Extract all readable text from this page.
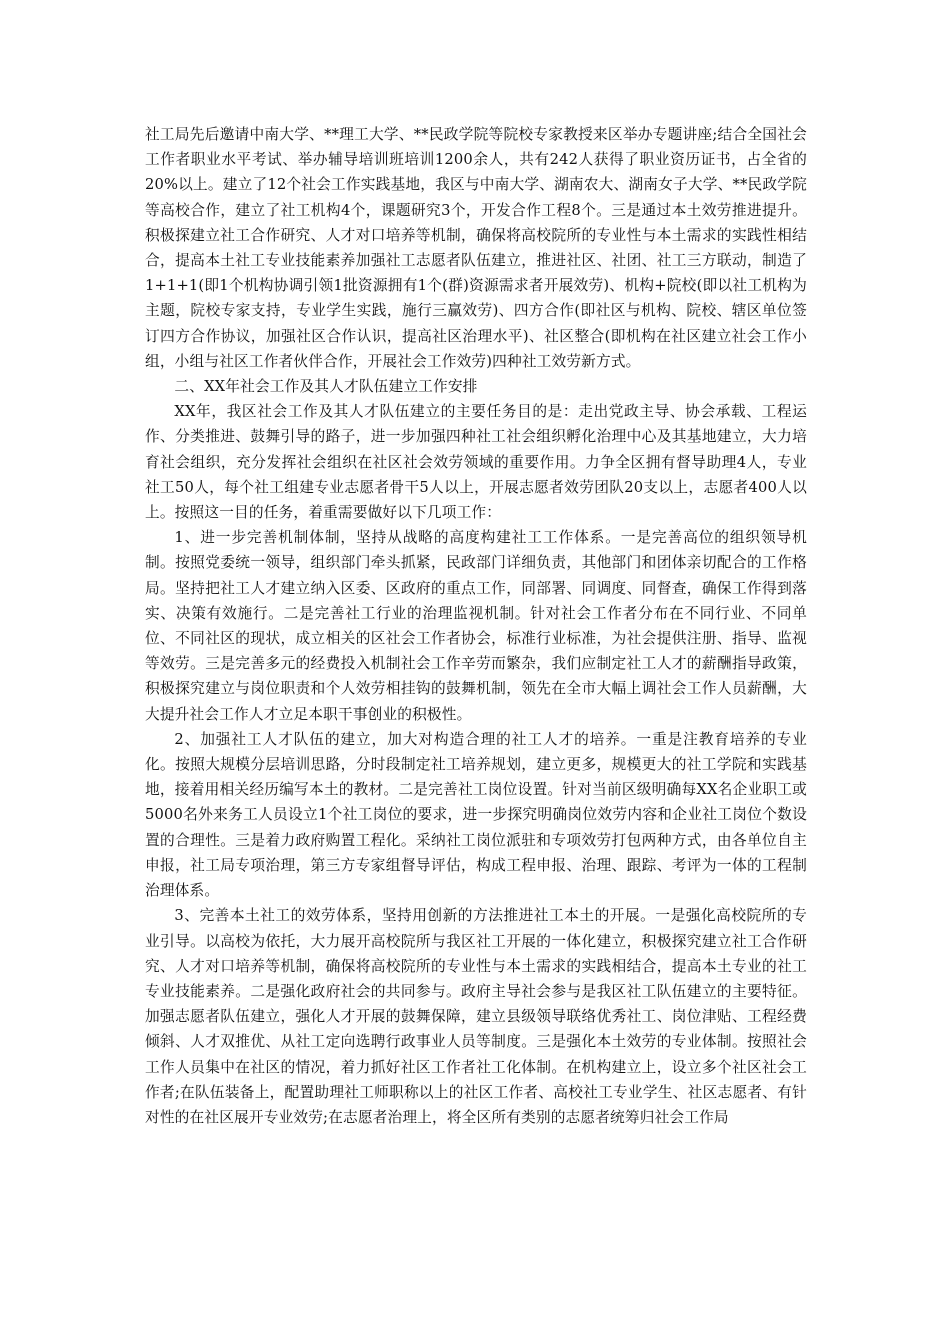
社工局先后邀请中南大学、**理工大学、**民政学院等院校专家教授来区举办专题讲座;结合全国社会工作者职业水平考试、举办辅导培训班培训1200余人，共有242人获得了职业资历证书，占全省的20%以上。建立了12个社会工作实践基地，我区与中南大学、湖南农大、湖南女子大学、**民政学院等高校合作，建立了社工机构4个，课题研究3个，开发合作工程8个。三是通过本土效劳推进提升。积极探建立社工合作研究、人才对口培养等机制，确保将高校院所的专业性与本土需求的实践性相结合，提高本土社工专业技能素养加强社工志愿者队伍建立，推进社区、社团、社工三方联动，制造了1+1+1(即1个机构协调引领1批资源拥有1个(群)资源需求者开展效劳)、机构+院校(即以社工机构为主题，院校专家支持，专业学生实践，施行三赢效劳)、四方合作(即社区与机构、院校、辖区单位签订四方合作协议，加强社区合作认识，提高社区治理水平)、社区整合(即机构在社区建立社会工作小组，小组与社区工作者伙伴合作，开展社会工作效劳)四种社工效劳新方式。

二、XX年社会工作及其人才队伍建立工作安排

XX年，我区社会工作及其人才队伍建立的主要任务目的是：走出党政主导、协会承载、工程运作、分类推进、鼓舞引导的路子，进一步加强四种社工社会组织孵化治理中心及其基地建立，大力培育社会组织，充分发挥社会组织在社区社会效劳领域的重要作用。力争全区拥有督导助理4人，专业社工50人，每个社工组建专业志愿者骨干5人以上，开展志愿者效劳团队20支以上，志愿者400人以上。按照这一目的任务，着重需要做好以下几项工作：

1、进一步完善机制体制，坚持从战略的高度构建社工工作体系。一是完善高位的组织领导机制。按照党委统一领导，组织部门牵头抓紧，民政部门详细负责，其他部门和团体亲切配合的工作格局。坚持把社工人才建立纳入区委、区政府的重点工作，同部署、同调度、同督查，确保工作得到落实、决策有效施行。二是完善社工行业的治理监视机制。针对社会工作者分布在不同行业、不同单位、不同社区的现状，成立相关的区社会工作者协会，标准行业标准，为社会提供注册、指导、监视等效劳。三是完善多元的经费投入机制社会工作辛劳而繁杂，我们应制定社工人才的薪酬指导政策，积极探究建立与岗位职责和个人效劳相挂钩的鼓舞机制，领先在全市大幅上调社会工作人员薪酬，大大提升社会工作人才立足本职干事创业的积极性。

2、加强社工人才队伍的建立，加大对构造合理的社工人才的培养。一重是注教育培养的专业化。按照大规模分层培训思路，分时段制定社工培养规划，建立更多，规模更大的社工学院和实践基地，接着用相关经历编写本土的教材。二是完善社工岗位设置。针对当前区级明确每XX名企业职工或5000名外来务工人员设立1个社工岗位的要求，进一步探究明确岗位效劳内容和企业社工岗位个数设置的合理性。三是着力政府购置工程化。采纳社工岗位派驻和专项效劳打包两种方式，由各单位自主申报，社工局专项治理，第三方专家组督导评估，构成工程申报、治理、跟踪、考评为一体的工程制治理体系。

3、完善本土社工的效劳体系，坚持用创新的方法推进社工本土的开展。一是强化高校院所的专业引导。以高校为依托，大力展开高校院所与我区社工开展的一体化建立，积极探究建立社工合作研究、人才对口培养等机制，确保将高校院所的专业性与本土需求的实践相结合，提高本土专业的社工专业技能素养。二是强化政府社会的共同参与。政府主导社会参与是我区社工队伍建立的主要特征。加强志愿者队伍建立，强化人才开展的鼓舞保障，建立县级领导联络优秀社工、岗位津贴、工程经费倾斜、人才双推优、从社工定向选聘行政事业人员等制度。三是强化本土效劳的专业体制。按照社会工作人员集中在社区的情况，着力抓好社区工作者社工化体制。在机构建立上，设立多个社区社会工作者;在队伍装备上，配置助理社工师职称以上的社区工作者、高校社工专业学生、社区志愿者、有针对性的在社区展开专业效劳;在志愿者治理上，将全区所有类别的志愿者统筹归社会工作局
